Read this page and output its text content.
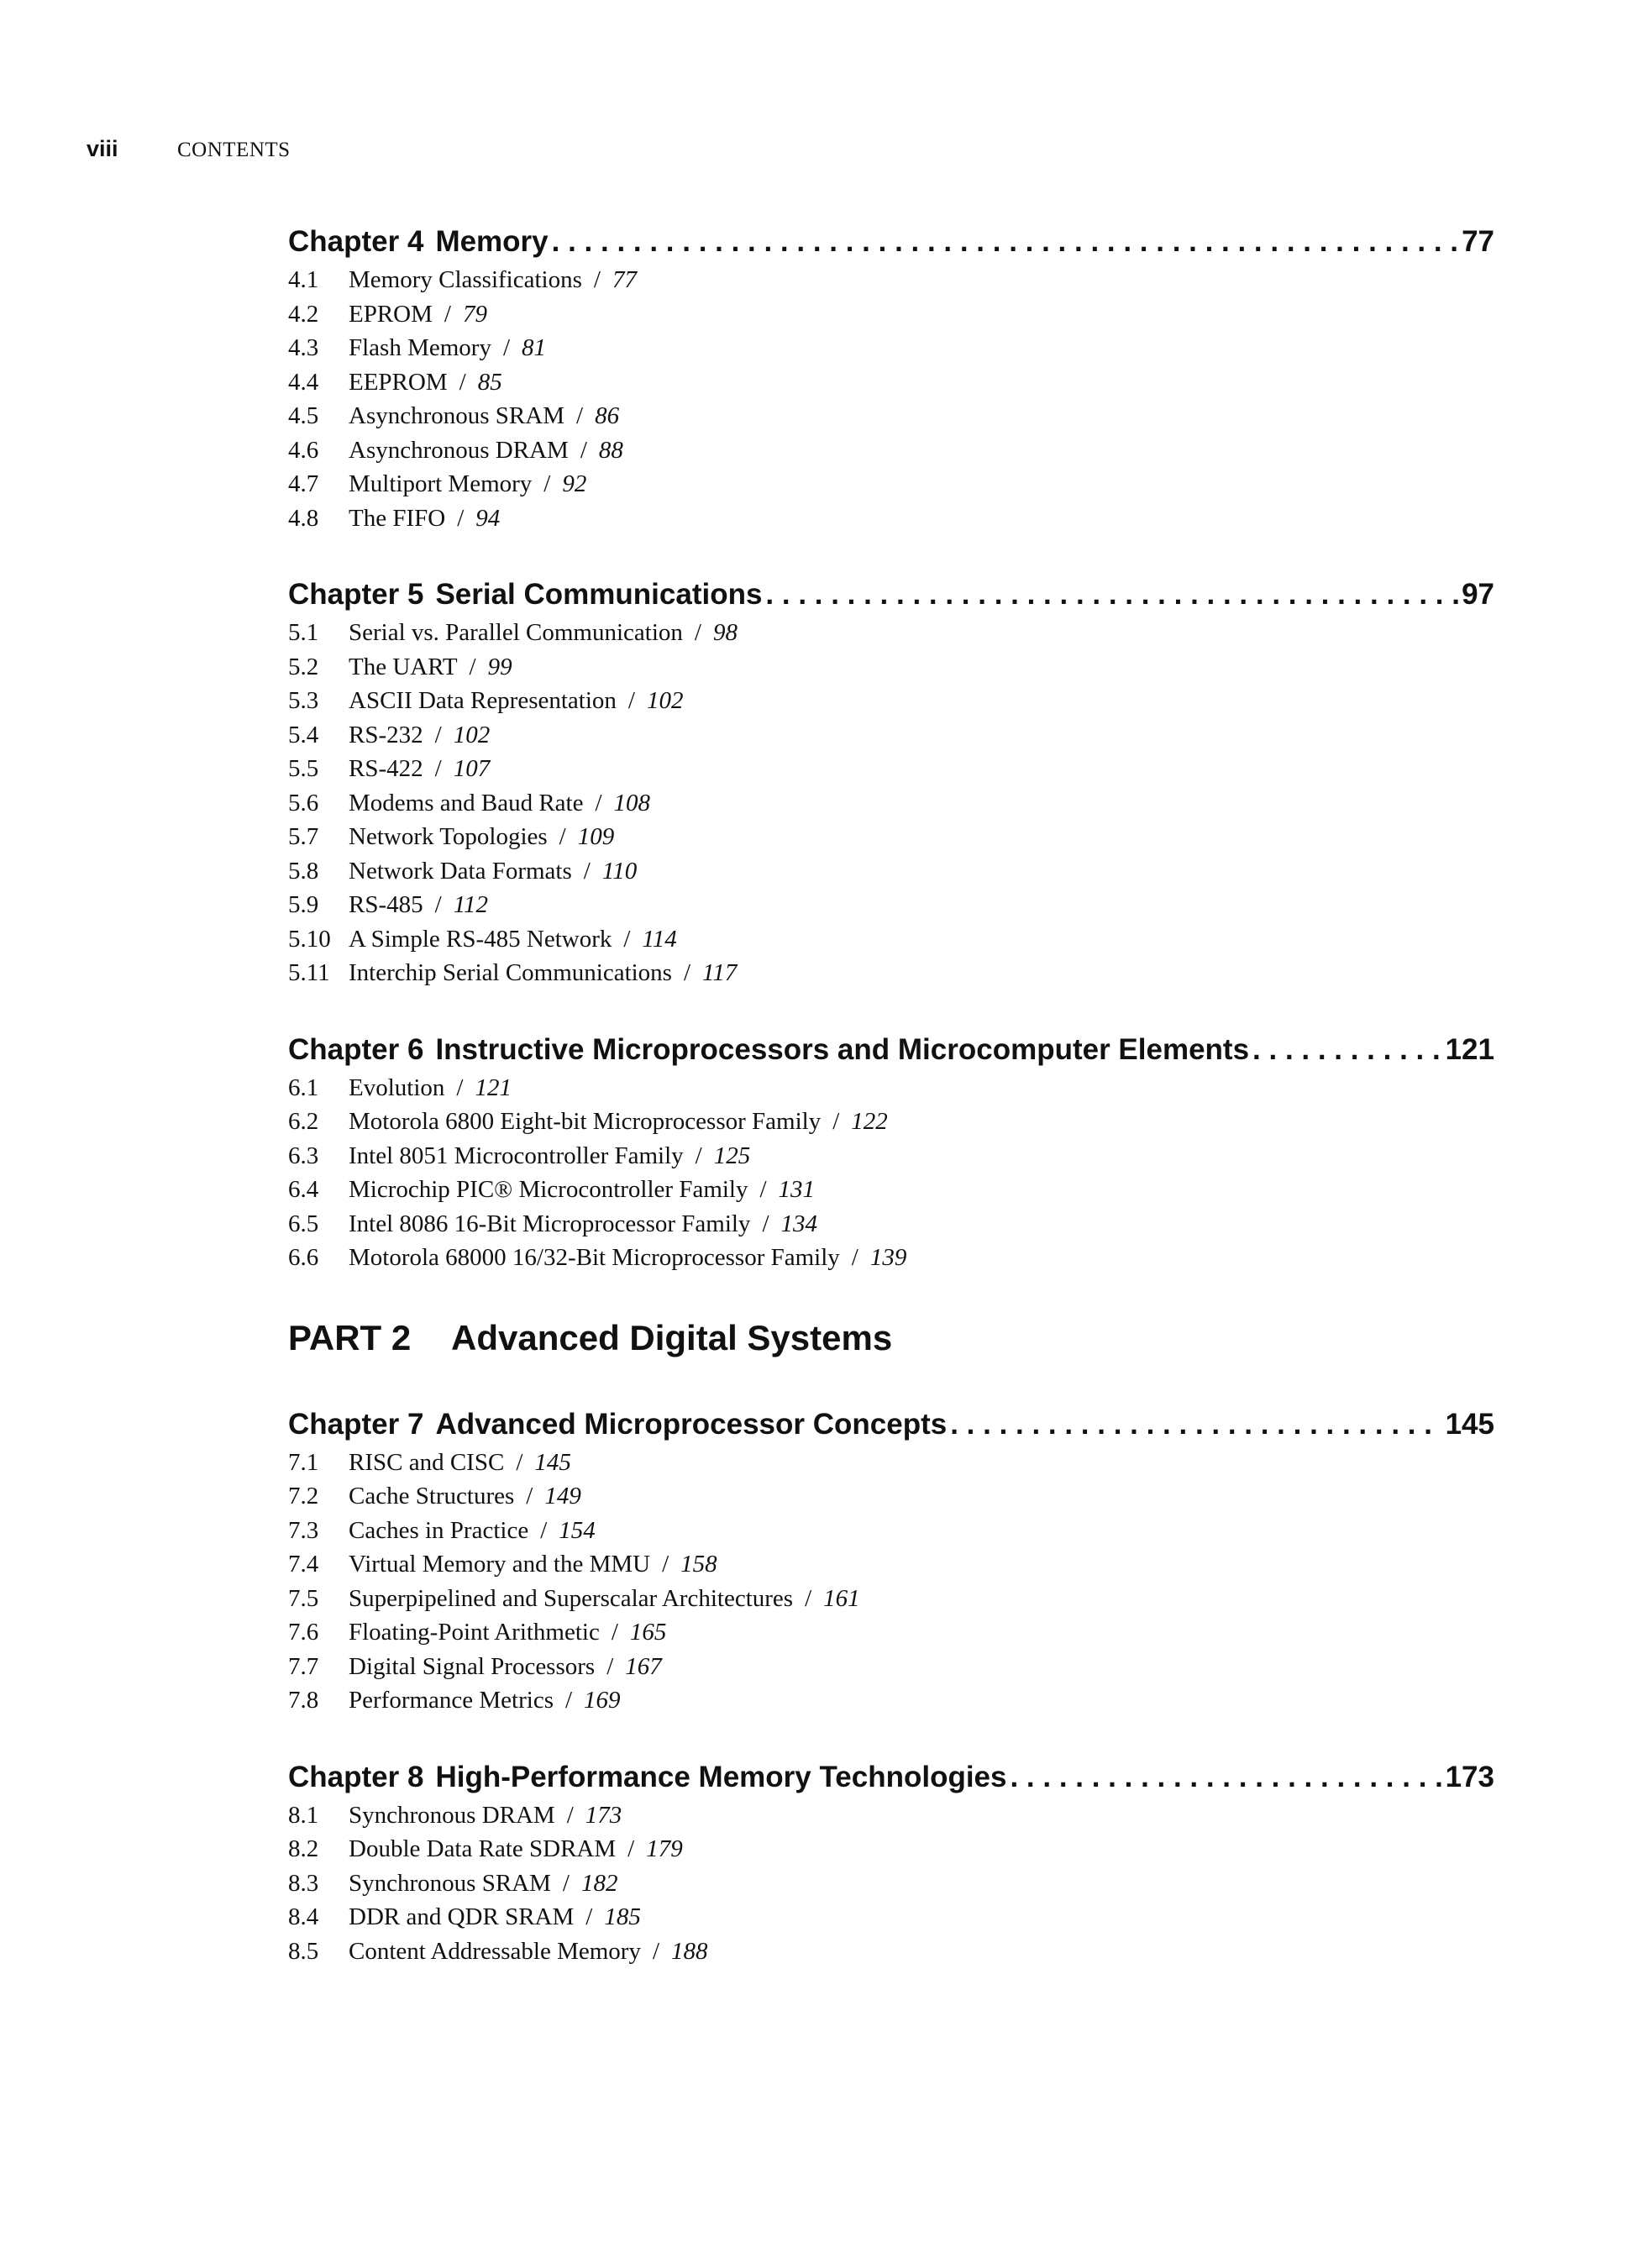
viii	CONTENTS
Chapter 4 Memory . . .	77
4.1	Memory Classifications / 77
4.2	EPROM / 79
4.3	Flash Memory / 81
4.4	EEPROM / 85
4.5	Asynchronous SRAM / 86
4.6	Asynchronous DRAM / 88
4.7	Multiport Memory / 92
4.8	The FIFO / 94
Chapter 5 Serial Communications . . .	97
5.1	Serial vs. Parallel Communication / 98
5.2	The UART / 99
5.3	ASCII Data Representation / 102
5.4	RS-232 / 102
5.5	RS-422 / 107
5.6	Modems and Baud Rate / 108
5.7	Network Topologies / 109
5.8	Network Data Formats / 110
5.9	RS-485 / 112
5.10 A Simple RS-485 Network / 114
5.11 Interchip Serial Communications / 117
Chapter 6 Instructive Microprocessors and Microcomputer Elements . . .	121
6.1	Evolution / 121
6.2	Motorola 6800 Eight-bit Microprocessor Family / 122
6.3	Intel 8051 Microcontroller Family / 125
6.4	Microchip PIC® Microcontroller Family / 131
6.5	Intel 8086 16-Bit Microprocessor Family / 134
6.6	Motorola 68000 16/32-Bit Microprocessor Family / 139
PART 2	Advanced Digital Systems
Chapter 7 Advanced Microprocessor Concepts . . .	145
7.1	RISC and CISC / 145
7.2	Cache Structures / 149
7.3	Caches in Practice / 154
7.4	Virtual Memory and the MMU / 158
7.5	Superpipelined and Superscalar Architectures / 161
7.6	Floating-Point Arithmetic / 165
7.7	Digital Signal Processors / 167
7.8	Performance Metrics / 169
Chapter 8 High-Performance Memory Technologies . . .	173
8.1	Synchronous DRAM / 173
8.2	Double Data Rate SDRAM / 179
8.3	Synchronous SRAM / 182
8.4	DDR and QDR SRAM / 185
8.5	Content Addressable Memory / 188
